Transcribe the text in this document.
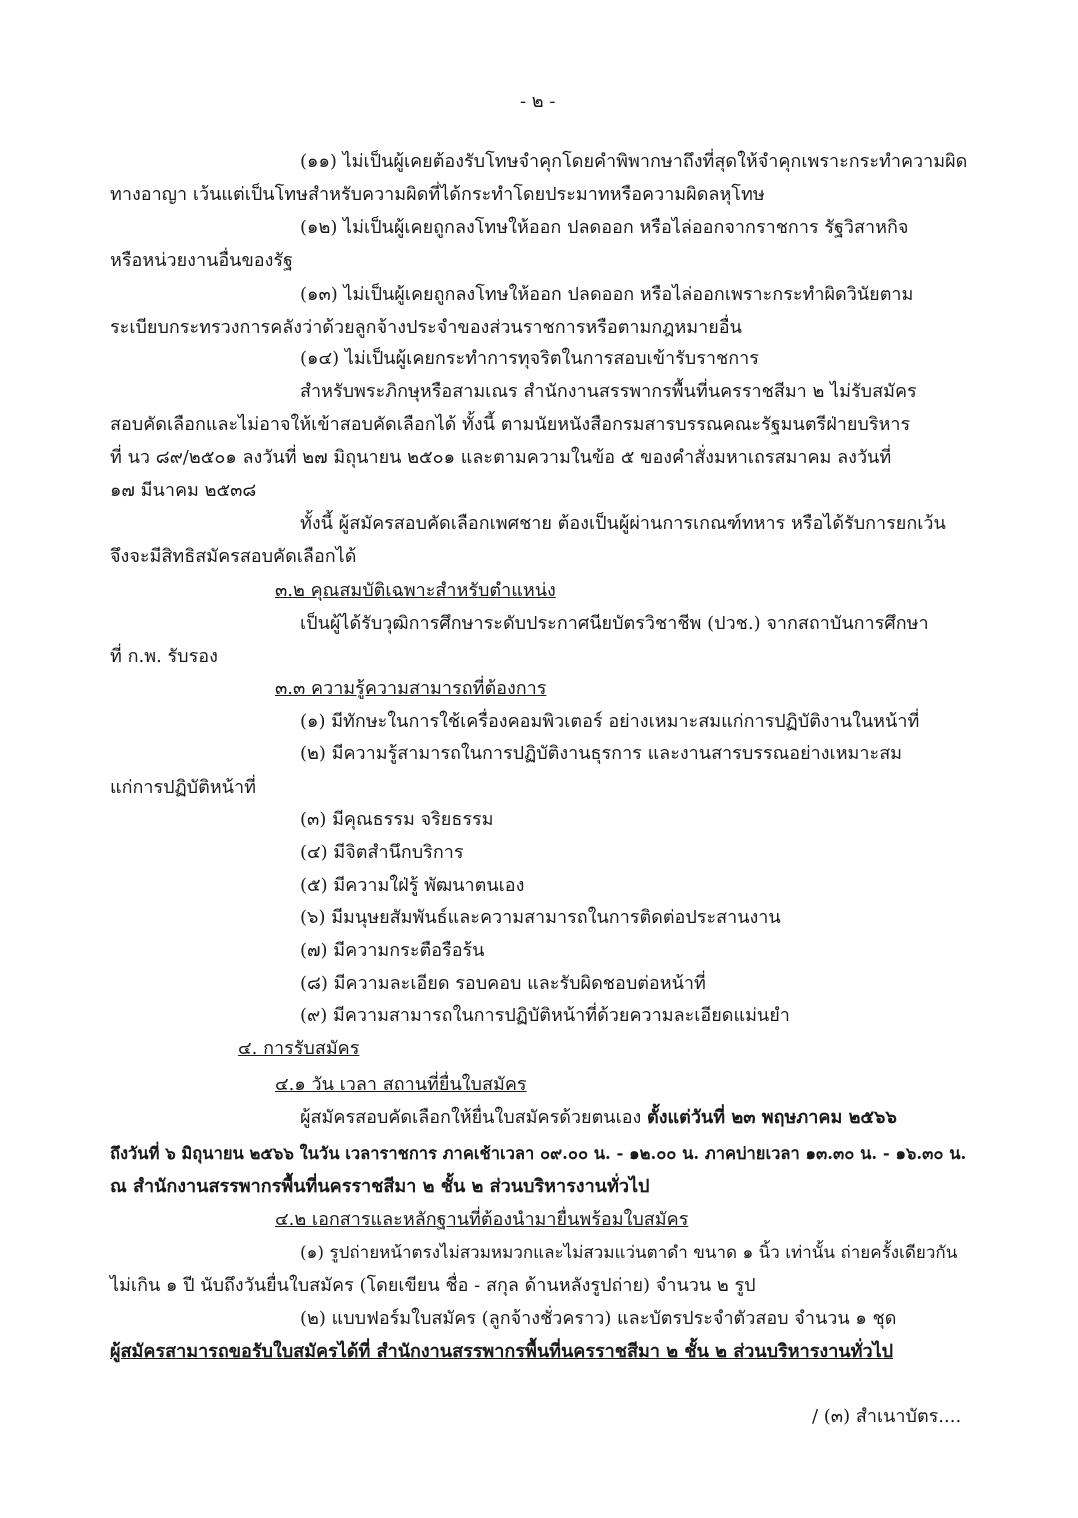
- ๒ -
(๑๑) ไม่เป็นผู้เคยต้องรับโทษจำคุกโดยคำพิพากษาถึงที่สุดให้จำคุกเพราะกระทำความผิด
ทางอาญา เว้นแต่เป็นโทษสำหรับความผิดที่ได้กระทำโดยประมาทหรือความผิดลหุโทษ
(๑๒) ไม่เป็นผู้เคยถูกลงโทษให้ออก ปลดออก หรือไล่ออกจากราชการ รัฐวิสาหกิจ
หรือหน่วยงานอื่นของรัฐ
(๑๓) ไม่เป็นผู้เคยถูกลงโทษให้ออก ปลดออก หรือไล่ออกเพราะกระทำผิดวินัยตาม
ระเบียบกระทรวงการคลังว่าด้วยลูกจ้างประจำของส่วนราชการหรือตามกฎหมายอื่น
(๑๔) ไม่เป็นผู้เคยกระทำการทุจริตในการสอบเข้ารับราชการ
สำหรับพระภิกษุหรือสามเณร สำนักงานสรรพากรพื้นที่นครราชสีมา ๒ ไม่รับสมัคร
สอบคัดเลือกและไม่อาจให้เข้าสอบคัดเลือกได้ ทั้งนี้ ตามนัยหนังสือกรมสารบรรณคณะรัฐมนตรีฝ่ายบริหาร
ที่ นว ๘๙/๒๕๐๑ ลงวันที่ ๒๗ มิถุนายน ๒๕๐๑ และตามความในข้อ ๕ ของคำสั่งมหาเถรสมาคม ลงวันที่
๑๗ มีนาคม ๒๕๓๘
ทั้งนี้ ผู้สมัครสอบคัดเลือกเพศชาย ต้องเป็นผู้ผ่านการเกณฑ์ทหาร หรือได้รับการยกเว้น
จึงจะมีสิทธิสมัครสอบคัดเลือกได้
๓.๒ คุณสมบัติเฉพาะสำหรับตำแหน่ง
เป็นผู้ได้รับวุฒิการศึกษาระดับประกาศนียบัตรวิชาชีพ (ปวช.) จากสถาบันการศึกษา
ที่ ก.พ. รับรอง
๓.๓ ความรู้ความสามารถที่ต้องการ
(๑) มีทักษะในการใช้เครื่องคอมพิวเตอร์ อย่างเหมาะสมแก่การปฏิบัติงานในหน้าที่
(๒) มีความรู้สามารถในการปฏิบัติงานธุรการ และงานสารบรรณอย่างเหมาะสม
แก่การปฏิบัติหน้าที่
(๓) มีคุณธรรม จริยธรรม
(๔) มีจิตสำนึกบริการ
(๕) มีความใฝ่รู้ พัฒนาตนเอง
(๖) มีมนุษยสัมพันธ์และความสามารถในการติดต่อประสานงาน
(๗) มีความกระตือรือร้น
(๘) มีความละเอียด รอบคอบ และรับผิดชอบต่อหน้าที่
(๙) มีความสามารถในการปฏิบัติหน้าที่ด้วยความละเอียดแม่นยำ
๔. การรับสมัคร
๔.๑ วัน เวลา สถานที่ยื่นใบสมัคร
ผู้สมัครสอบคัดเลือกให้ยื่นใบสมัครด้วยตนเอง ตั้งแต่วันที่ ๒๓ พฤษภาคม ๒๕๖๖
ถึงวันที่ ๖ มิถุนายน ๒๕๖๖ ในวัน เวลาราชการ ภาคเช้าเวลา ๐๙.๐๐ น. - ๑๒.๐๐ น. ภาคบ่ายเวลา ๑๓.๓๐ น. - ๑๖.๓๐ น.
ณ สำนักงานสรรพากรพื้นที่นครราชสีมา ๒ ชั้น ๒ ส่วนบริหารงานทั่วไป
๔.๒ เอกสารและหลักฐานที่ต้องนำมายื่นพร้อมใบสมัคร
(๑) รูปถ่ายหน้าตรงไม่สวมหมวกและไม่สวมแว่นตาดำ ขนาด ๑ นิ้ว เท่านั้น ถ่ายครั้งเดียวกัน
ไม่เกิน ๑ ปี นับถึงวันยื่นใบสมัคร (โดยเขียน ชื่อ - สกุล ด้านหลังรูปถ่าย) จำนวน ๒ รูป
(๒) แบบฟอร์มใบสมัคร (ลูกจ้างชั่วคราว) และบัตรประจำตัวสอบ จำนวน ๑ ชุด
ผู้สมัครสามารถขอรับใบสมัครได้ที่ สำนักงานสรรพากรพื้นที่นครราชสีมา ๒ ชั้น ๒ ส่วนบริหารงานทั่วไป
/ (๓) สำเนาบัตร....
